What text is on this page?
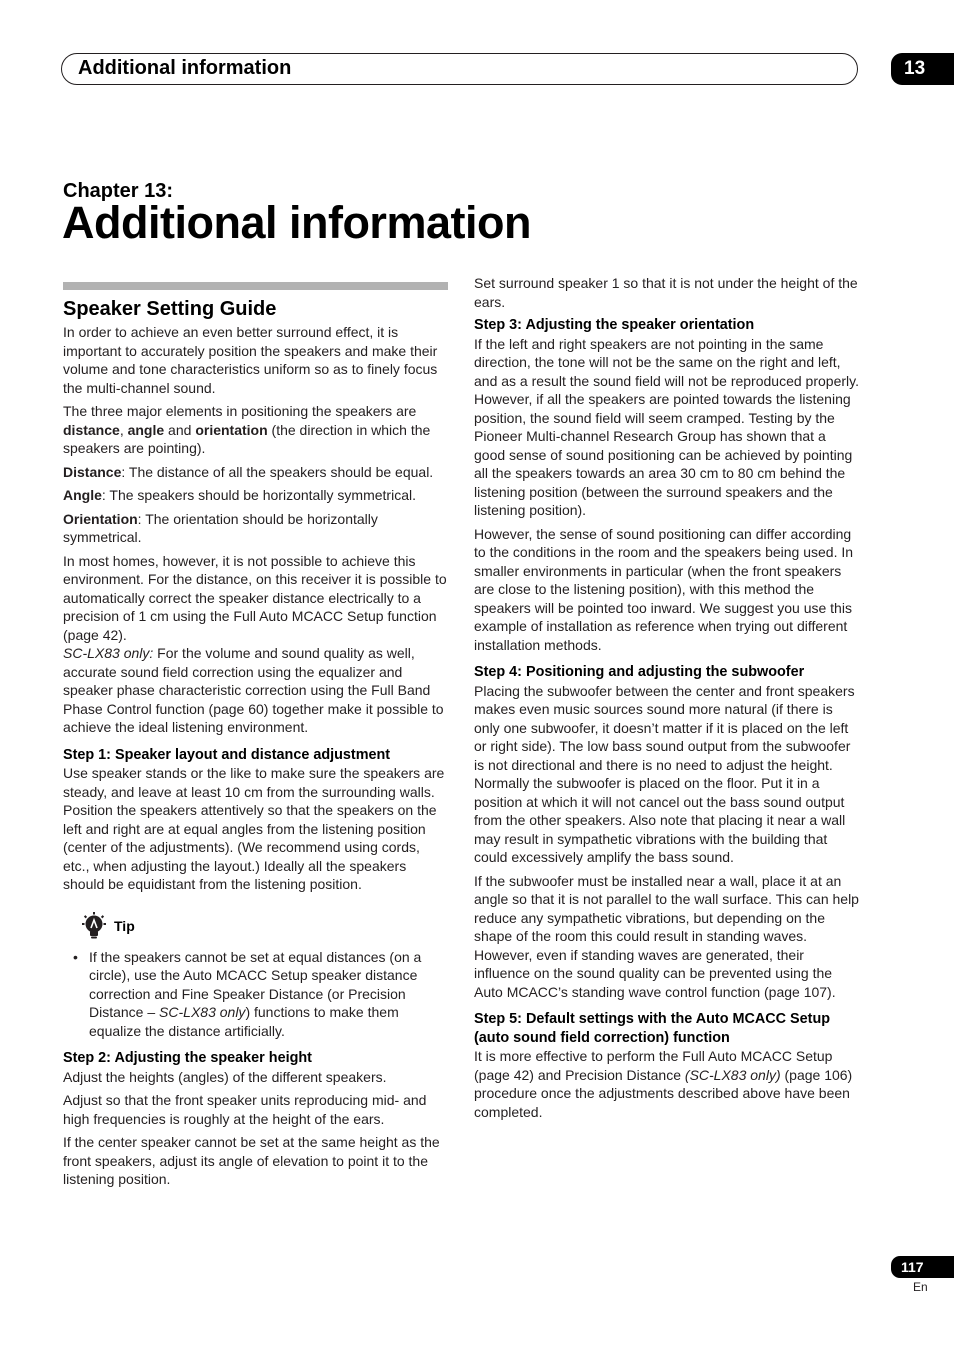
Additional information	13
Chapter 13:
Additional information
Speaker Setting Guide

In order to achieve an even better surround effect, it is important to accurately position the speakers and make their volume and tone characteristics uniform so as to finely focus the multi-channel sound.

The three major elements in positioning the speakers are distance, angle and orientation (the direction in which the speakers are pointing).

Distance: The distance of all the speakers should be equal.

Angle: The speakers should be horizontally symmetrical.

Orientation: The orientation should be horizontally symmetrical.

In most homes, however, it is not possible to achieve this environment. For the distance, on this receiver it is possible to automatically correct the speaker distance electrically to a precision of 1 cm using the Full Auto MCACC Setup function (page 42).

SC-LX83 only: For the volume and sound quality as well, accurate sound field correction using the equalizer and speaker phase characteristic correction using the Full Band Phase Control function (page 60) together make it possible to achieve the ideal listening environment.

Step 1: Speaker layout and distance adjustment

Use speaker stands or the like to make sure the speakers are steady, and leave at least 10 cm from the surrounding walls. Position the speakers attentively so that the speakers on the left and right are at equal angles from the listening position (center of the adjustments). (We recommend using cords, etc., when adjusting the layout.) Ideally all the speakers should be equidistant from the listening position.

Tip
• If the speakers cannot be set at equal distances (on a circle), use the Auto MCACC Setup speaker distance correction and Fine Speaker Distance (or Precision Distance – SC-LX83 only) functions to make them equalize the distance artificially.
Step 2: Adjusting the speaker height

Adjust the heights (angles) of the different speakers.

Adjust so that the front speaker units reproducing mid- and high frequencies is roughly at the height of the ears.

If the center speaker cannot be set at the same height as the front speakers, adjust its angle of elevation to point it to the listening position.

Set surround speaker 1 so that it is not under the height of the ears.

Step 3: Adjusting the speaker orientation

If the left and right speakers are not pointing in the same direction, the tone will not be the same on the right and left, and as a result the sound field will not be reproduced properly. However, if all the speakers are pointed towards the listening position, the sound field will seem cramped. Testing by the Pioneer Multi-channel Research Group has shown that a good sense of sound positioning can be achieved by pointing all the speakers towards an area 30 cm to 80 cm behind the listening position (between the surround speakers and the listening position).

However, the sense of sound positioning can differ according to the conditions in the room and the speakers being used. In smaller environments in particular (when the front speakers are close to the listening position), with this method the speakers will be pointed too inward. We suggest you use this example of installation as reference when trying out different installation methods.

Step 4: Positioning and adjusting the subwoofer

Placing the subwoofer between the center and front speakers makes even music sources sound more natural (if there is only one subwoofer, it doesn’t matter if it is placed on the left or right side). The low bass sound output from the subwoofer is not directional and there is no need to adjust the height. Normally the subwoofer is placed on the floor. Put it in a position at which it will not cancel out the bass sound output from the other speakers. Also note that placing it near a wall may result in sympathetic vibrations with the building that could excessively amplify the bass sound.

If the subwoofer must be installed near a wall, place it at an angle so that it is not parallel to the wall surface. This can help reduce any sympathetic vibrations, but depending on the shape of the room this could result in standing waves. However, even if standing waves are generated, their influence on the sound quality can be prevented using the Auto MCACC’s standing wave control function (page 107).

Step 5: Default settings with the Auto MCACC Setup (auto sound field correction) function

It is more effective to perform the Full Auto MCACC Setup (page 42) and Precision Distance (SC-LX83 only) (page 106) procedure once the adjustments described above have been completed.

117
En
